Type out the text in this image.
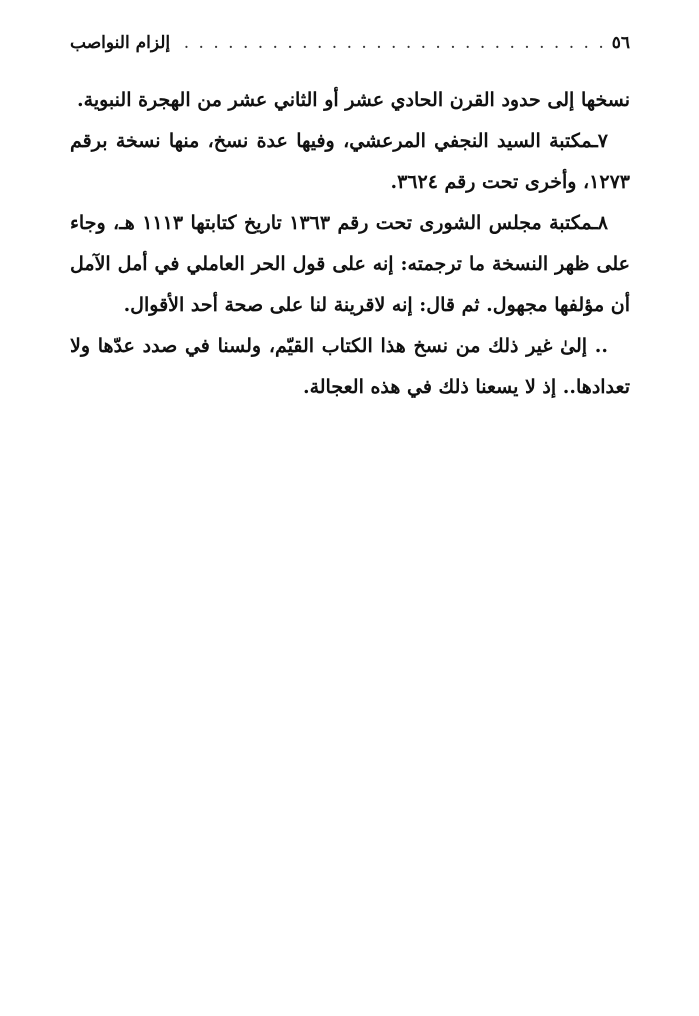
٥٦
. . .
إلزام النواصب

نسخها إلى حدود القرن الحادي عشر أو الثاني عشر من الهجرة النبوية.

٧ـمكتبة السيد النجفي المرعشي، وفيها عدة نسخ، منها نسخة برقم ١٢٧٣، وأخرى تحت رقم ٣٦٢٤.

٨ـمكتبة مجلس الشورى تحت رقم ١٣٦٣ تاريخ كتابتها ١١١٣ هـ، وجاء على ظهر النسخة ما ترجمته: إنه على قول الحر العاملي في أمل الآمل أن مؤلفها مجهول. ثم قال: إنه لاقرينة لنا على صحة أحد الأقوال.

.. إلىٰ غير ذلك من نسخ هذا الكتاب القيّم، ولسنا في صدد عدّها ولا تعدادها.. إذ لا يسعنا ذلك في هذه العجالة.
